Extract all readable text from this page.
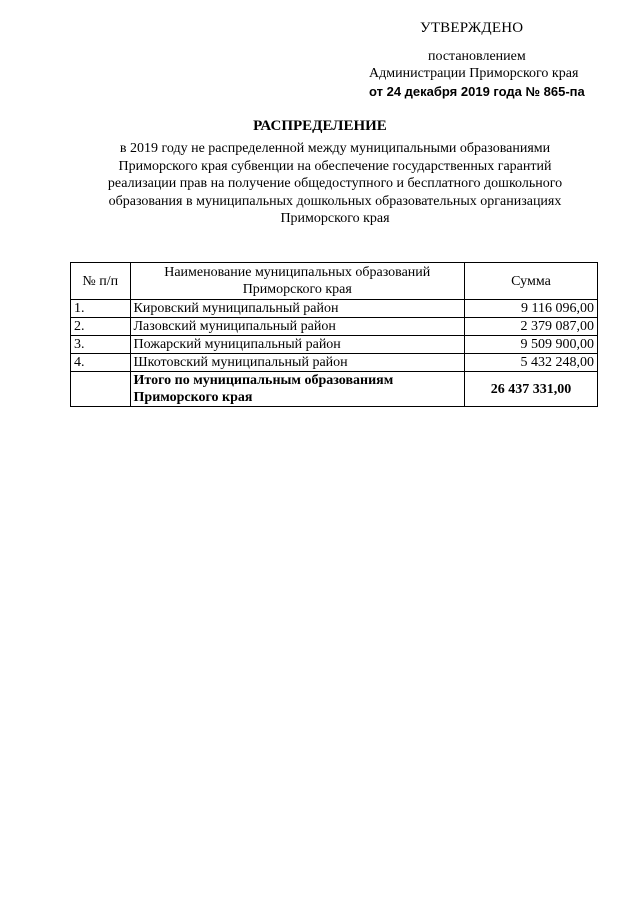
УТВЕРЖДЕНО
постановлением
Администрации Приморского края
от 24 декабря 2019 года № 865-па
РАСПРЕДЕЛЕНИЕ
в 2019 году не распределенной между муниципальными образованиями
Приморского края субвенции на обеспечение государственных гарантий
реализации прав на получение общедоступного и бесплатного дошкольного
образования в муниципальных дошкольных образовательных организациях
Приморского края
№ п/п	Наименование муниципальных образований Приморского края	Сумма
1.	Кировский муниципальный район	9 116 096,00
2.	Лазовский муниципальный район	2 379 087,00
3.	Пожарский муниципальный район	9 509 900,00
4.	Шкотовский муниципальный район	5 432 248,00
	Итого по муниципальным образованиям Приморского края	26 437 331,00
